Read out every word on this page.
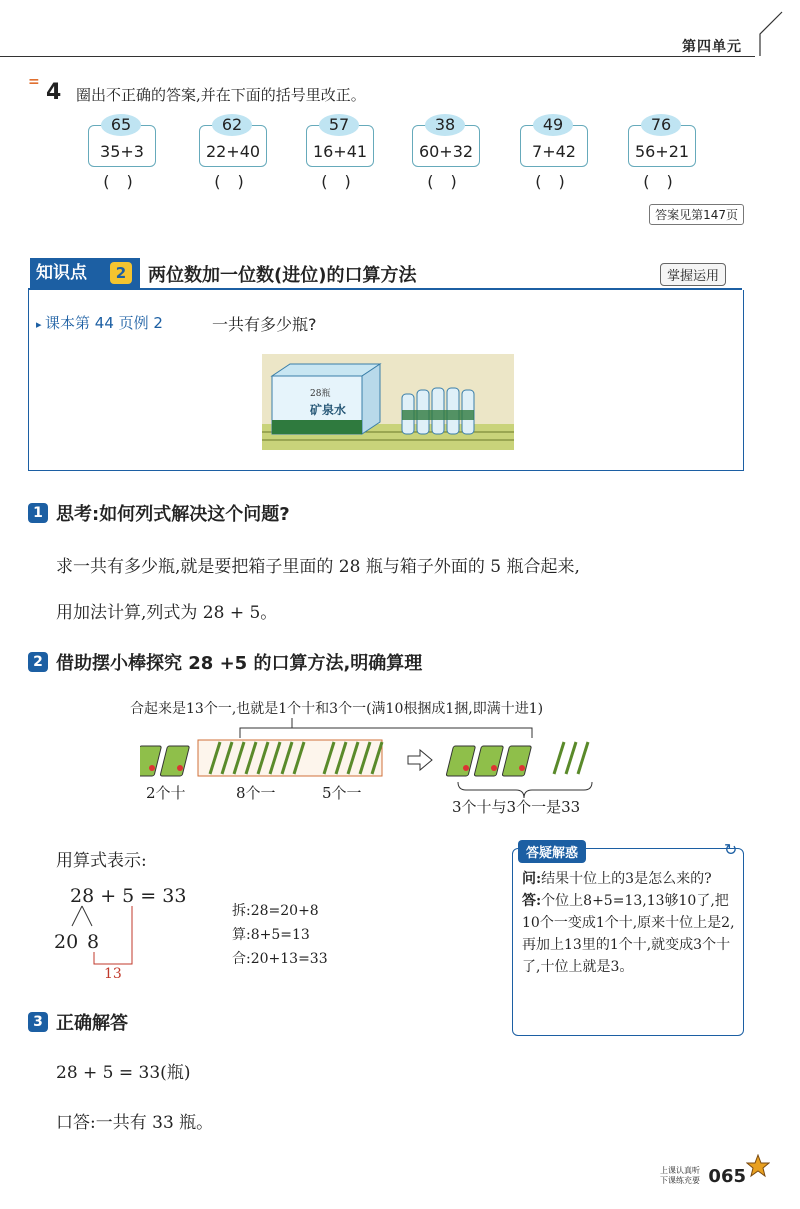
第四单元
= 4 圈出不正确的答案,并在下面的括号里改正。
35+3
65
( )
22+40
62
( )
16+41
57
( )
60+32
38
( )
7+42
49
( )
56+21
76
( )
答案见第147页
知识点	2	两位数加一位数(进位)的口算方法	掌握运用
▸ 课本第 44 页例 2	一共有多少瓶?
28瓶
矿泉水
1 思考:如何列式解决这个问题?
求一共有多少瓶,就是要把箱子里面的 28 瓶与箱子外面的 5 瓶合起来,
用加法计算,列式为 28 + 5。
2 借助摆小棒探究 28 +5 的口算方法,明确算理
合起来是13个一,也就是1个十和3个一(满10根捆成1捆,即满十进1)
2个十	8个一	5个一
3个十与3个一是33
用算式表示:
28 + 5 = 33
20 8
13
拆:28=20+8
算:8+5=13
合:20+13=33
答疑解惑	↻
问:结果十位上的3是怎么来的?
答:个位上8+5=13,13够10了,把10个一变成1个十,原来十位上是2,再加上13里的1个十,就变成3个十了,十位上就是3。
3 正确解答
28 + 5 = 33(瓶)
口答:一共有 33 瓶。
上课认真听
下课练充要 065
